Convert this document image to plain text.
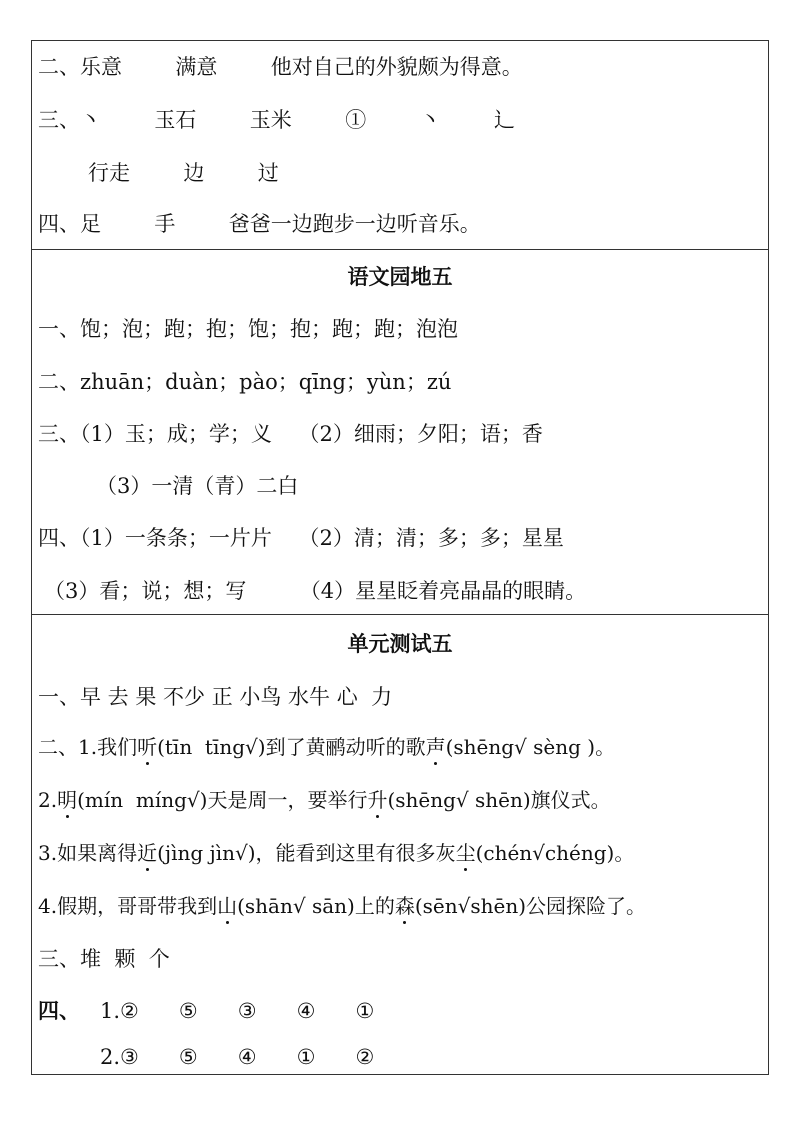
二、乐意        满意        他对自己的外貌颇为得意。
三、丶        玉石        玉米        ①        丶        辶
行走        边        过
四、足        手        爸爸一边跑步一边听音乐。
语文园地五
一、饱；泡；跑；抱；饱；抱；跑；跑；泡泡
二、zhuān；duàn；pào；qīng；yùn；zú
三、（1）玉；成；学；义    （2）细雨；夕阳；语；香
（3）一清（青）二白
四、（1）一条条；一片片    （2）清；清；多；多；星星
（3）看；说；想；写        （4）星星眨着亮晶晶的眼睛。
单元测试五
一、早 去 果 不少 正 小鸟 水牛 心  力
二、1.我们听(tīn  tīng√)到了黄鹂动听的歌声(shēng√ sèng )。
2.明(mín  míng√)天是周一，要举行升(shēng√ shēn)旗仪式。
3.如果离得近(jìng jìn√)，能看到这里有很多灰尘(chén√chéng)。
4.假期，哥哥带我到山(shān√ sān)上的森(sēn√shēn)公园探险了。
三、堆  颗  个
四、 1.②      ⑤      ③      ④      ①
2.③      ⑤      ④      ①      ②
